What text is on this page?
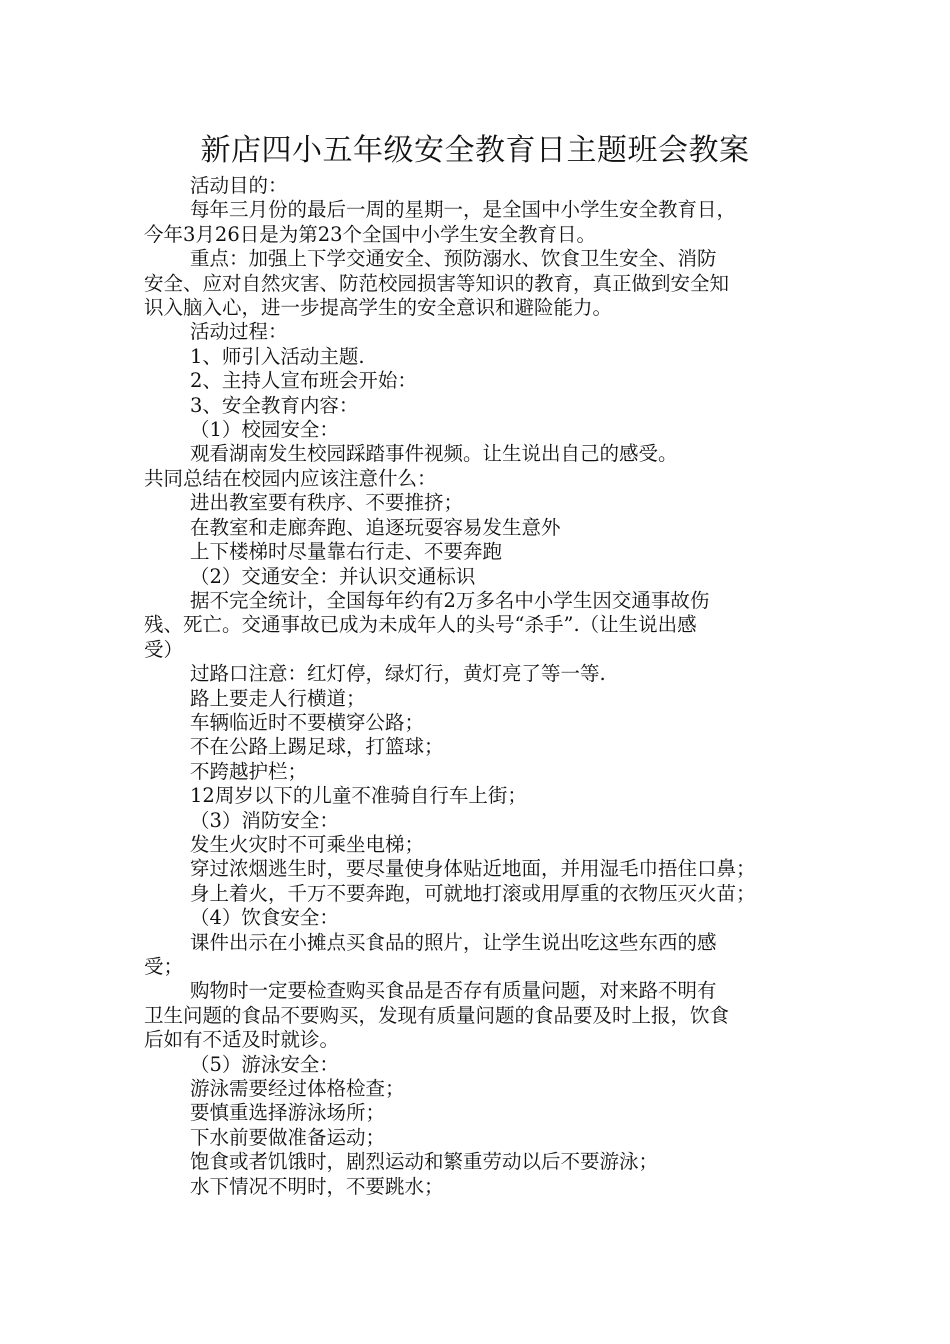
新店四小五年级安全教育日主题班会教案

活动目的：

每年三月份的最后一周的星期一，是全国中小学生安全教育日，

今年3月26日是为第23个全国中小学生安全教育日。

重点：加强上下学交通安全、预防溺水、饮食卫生安全、消防

安全、应对自然灾害、防范校园损害等知识的教育，真正做到安全知

识入脑入心，进一步提高学生的安全意识和避险能力。

活动过程：

1、师引入活动主题.

2、主持人宣布班会开始：

3、安全教育内容：

（1）校园安全：

观看湖南发生校园踩踏事件视频。让生说出自己的感受。

共同总结在校园内应该注意什么：

进出教室要有秩序、不要推挤；

在教室和走廊奔跑、追逐玩耍容易发生意外

上下楼梯时尽量靠右行走、不要奔跑

（2）交通安全：并认识交通标识

据不完全统计，全国每年约有2万多名中小学生因交通事故伤

残、死亡。交通事故已成为未成年人的头号“杀手”.（让生说出感

受）

过路口注意：红灯停，绿灯行，黄灯亮了等一等.

路上要走人行横道；

车辆临近时不要横穿公路；

不在公路上踢足球，打篮球；

不跨越护栏；

12周岁以下的儿童不准骑自行车上街；

（3）消防安全：

发生火灾时不可乘坐电梯；

穿过浓烟逃生时，要尽量使身体贴近地面，并用湿毛巾捂住口鼻；

身上着火，千万不要奔跑，可就地打滚或用厚重的衣物压灭火苗；

（4）饮食安全：

课件出示在小摊点买食品的照片，让学生说出吃这些东西的感

受；

购物时一定要检查购买食品是否存有质量问题，对来路不明有

卫生问题的食品不要购买，发现有质量问题的食品要及时上报，饮食

后如有不适及时就诊。

（5）游泳安全：

游泳需要经过体格检查；

要慎重选择游泳场所；

下水前要做准备运动；

饱食或者饥饿时，剧烈运动和繁重劳动以后不要游泳；

水下情况不明时，不要跳水；
